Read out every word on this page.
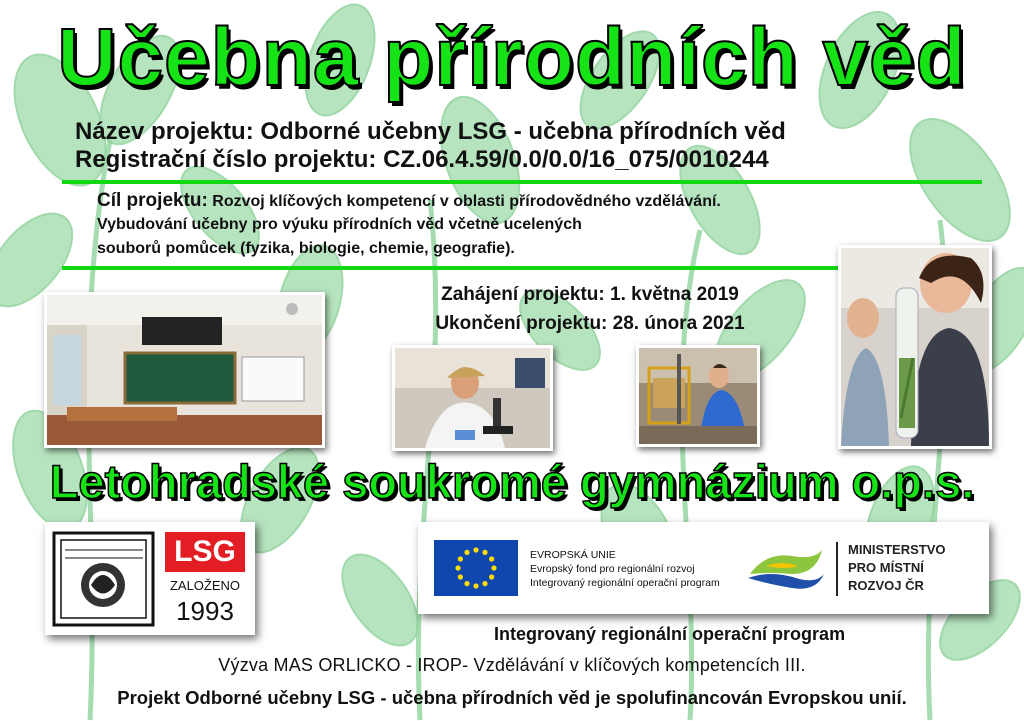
Učebna přírodních věd
Název projektu: Odborné učebny LSG - učebna přírodních věd
Registrační číslo projektu: CZ.06.4.59/0.0/0.0/16_075/0010244
Cíl projektu: Rozvoj klíčových kompetencí v oblasti přírodovědného vzdělávání.
Vybudování učebny pro výuku přírodních věd včetně ucelených
souborů pomůcek (fyzika, biologie, chemie, geografie).
Zahájení projektu: 1. května 2019
Ukončení projektu: 28. února 2021
Letohradské soukromé gymnázium o.p.s.
LSG
ZALOŽENO
1993
EVROPSKÁ UNIE
Evropský fond pro regionální rozvoj
Integrovaný regionální operační program
MINISTERSTVO
PRO MÍSTNÍ
ROZVOJ ČR
Integrovaný regionální operační program
Výzva MAS ORLICKO - IROP- Vzdělávání v klíčových kompetencích III.
Projekt Odborné učebny LSG - učebna přírodních věd je spolufinancován Evropskou unií.
